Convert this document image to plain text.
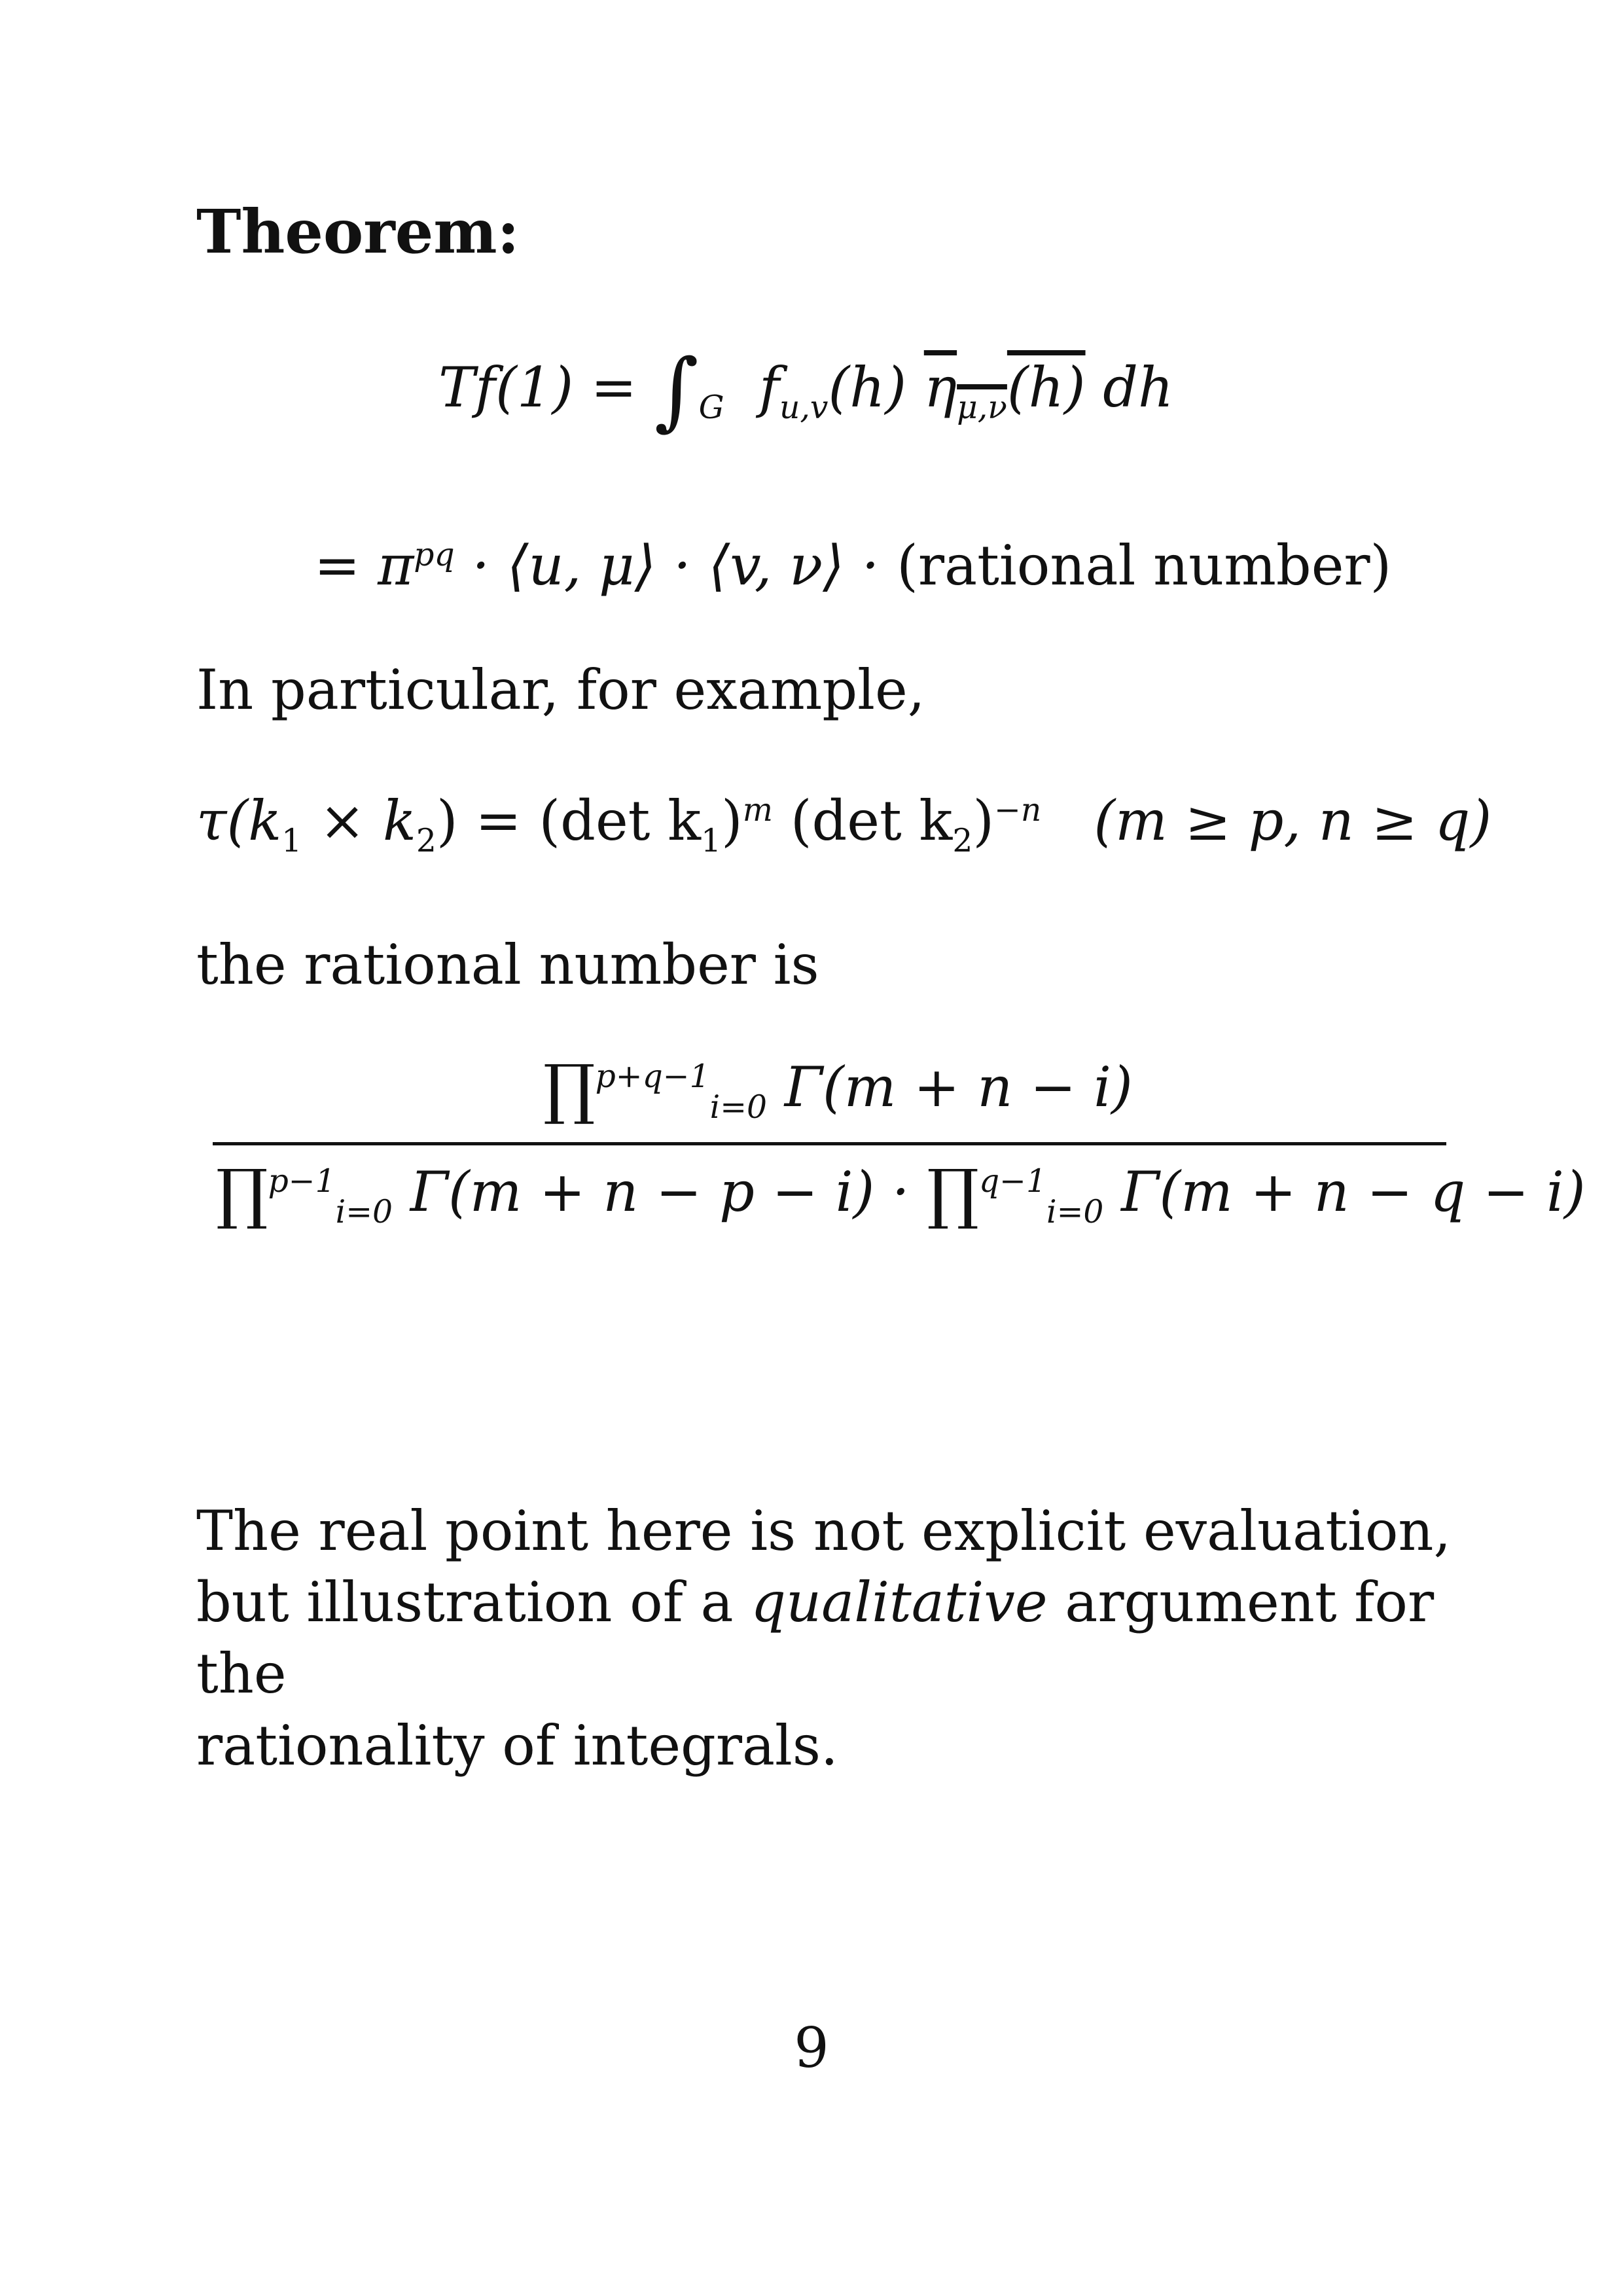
Theorem:
$Tf(1) = \int_G$ $f_{u,v}(h)$ $\eta_{\mu,\nu}(h)$ dh
= $\pi^{pq}$ · ⟨u, μ⟩ · ⟨v, ν⟩ · (rational number)
In particular, for example,
$\tau(k_1 \times k_2) = (\det$ $k_1)^m$ (det $k_2)^{-n}$ (m ≥ p, n ≥ q)
the rational number is
∏$^{p+q-1}_{i=0}$ Γ(m + n − i)
∏$^{p-1}_{i=0}$ Γ(m + n − p − i) · ∏$^{q-1}_{i=0}$ Γ(m + n − q − i)
The real point here is not explicit evaluation,
but illustration of a qualitative argument for the
rationality of integrals.
9
